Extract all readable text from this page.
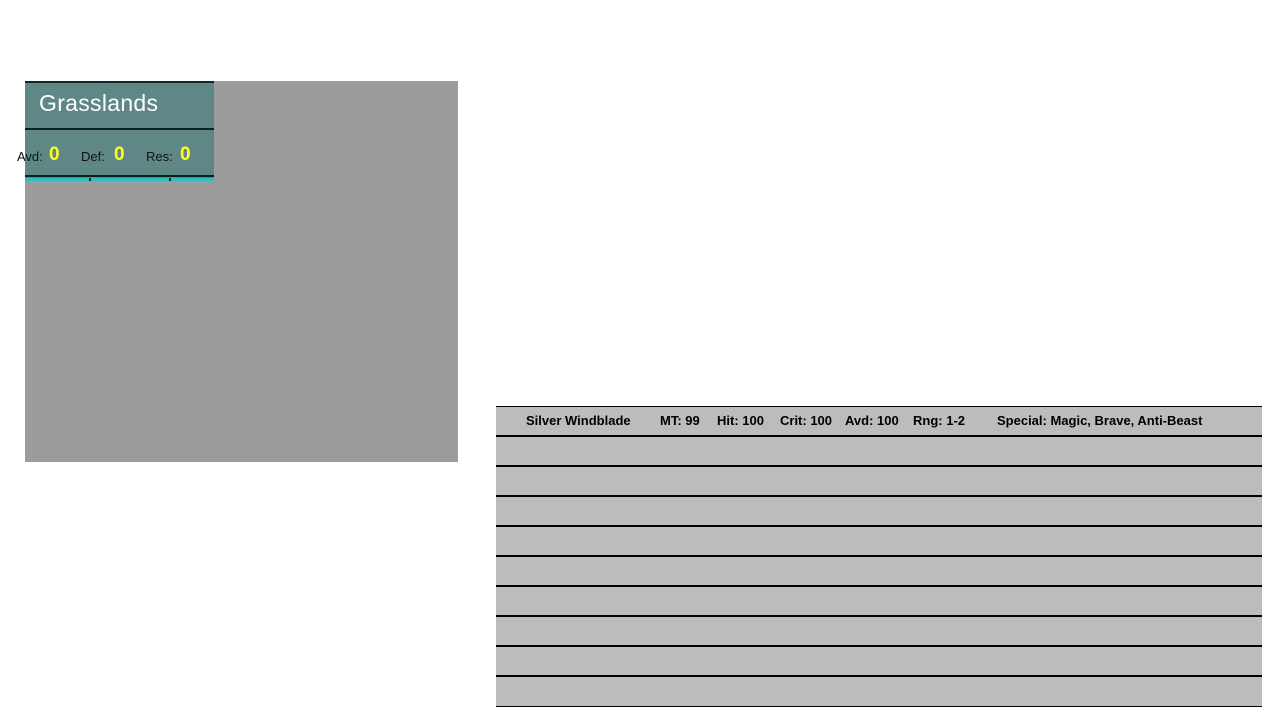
Grasslands
Avd: 0 Def: 0 Res: 0
Silver Windblade MT: 99 Hit: 100 Crit: 100 Avd: 100 Rng: 1-2 Special: Magic, Brave, Anti-Beast
